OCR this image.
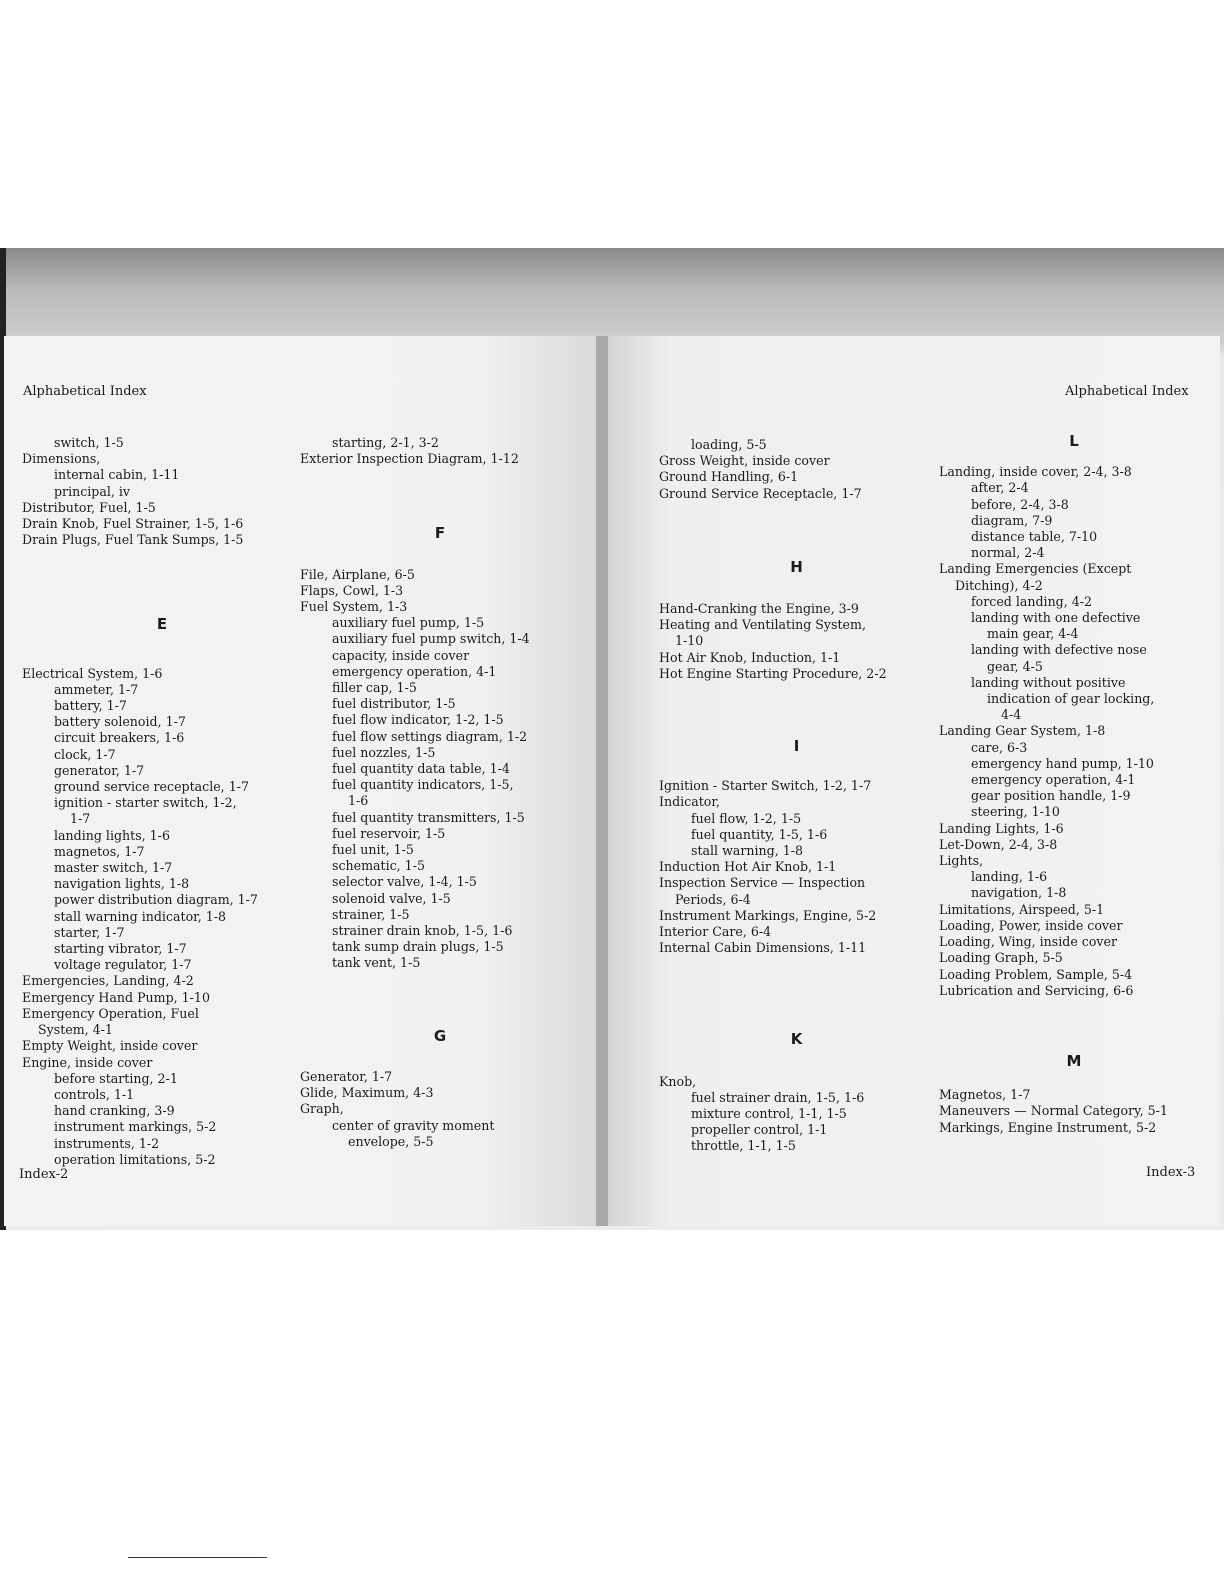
Alphabetical Index
switch, 1-5
Dimensions,
internal cabin, 1-11
principal, iv
Distributor, Fuel, 1-5
Drain Knob, Fuel Strainer, 1-5, 1-6
Drain Plugs, Fuel Tank Sumps, 1-5
E
Electrical System, 1-6
ammeter, 1-7
battery, 1-7
battery solenoid, 1-7
circuit breakers, 1-6
clock, 1-7
generator, 1-7
ground service receptacle, 1-7
ignition - starter switch, 1-2,
1-7
landing lights, 1-6
magnetos, 1-7
master switch, 1-7
navigation lights, 1-8
power distribution diagram, 1-7
stall warning indicator, 1-8
starter, 1-7
starting vibrator, 1-7
voltage regulator, 1-7
Emergencies, Landing, 4-2
Emergency Hand Pump, 1-10
Emergency Operation, Fuel
System, 4-1
Empty Weight, inside cover
Engine, inside cover
before starting, 2-1
controls, 1-1
hand cranking, 3-9
instrument markings, 5-2
instruments, 1-2
operation limitations, 5-2
starting, 2-1, 3-2
Exterior Inspection Diagram, 1-12
F
File, Airplane, 6-5
Flaps, Cowl, 1-3
Fuel System, 1-3
auxiliary fuel pump, 1-5
auxiliary fuel pump switch, 1-4
capacity, inside cover
emergency operation, 4-1
filler cap, 1-5
fuel distributor, 1-5
fuel flow indicator, 1-2, 1-5
fuel flow settings diagram, 1-2
fuel nozzles, 1-5
fuel quantity data table, 1-4
fuel quantity indicators, 1-5,
1-6
fuel quantity transmitters, 1-5
fuel reservoir, 1-5
fuel unit, 1-5
schematic, 1-5
selector valve, 1-4, 1-5
solenoid valve, 1-5
strainer, 1-5
strainer drain knob, 1-5, 1-6
tank sump drain plugs, 1-5
tank vent, 1-5
G
Generator, 1-7
Glide, Maximum, 4-3
Graph,
center of gravity moment
envelope, 5-5
Index-2
Alphabetical Index
loading, 5-5
Gross Weight, inside cover
Ground Handling, 6-1
Ground Service Receptacle, 1-7
H
Hand-Cranking the Engine, 3-9
Heating and Ventilating System,
1-10
Hot Air Knob, Induction, 1-1
Hot Engine Starting Procedure, 2-2
I
Ignition - Starter Switch, 1-2, 1-7
Indicator,
fuel flow, 1-2, 1-5
fuel quantity, 1-5, 1-6
stall warning, 1-8
Induction Hot Air Knob, 1-1
Inspection Service — Inspection
Periods, 6-4
Instrument Markings, Engine, 5-2
Interior Care, 6-4
Internal Cabin Dimensions, 1-11
K
Knob,
fuel strainer drain, 1-5, 1-6
mixture control, 1-1, 1-5
propeller control, 1-1
throttle, 1-1, 1-5
L
Landing, inside cover, 2-4, 3-8
after, 2-4
before, 2-4, 3-8
diagram, 7-9
distance table, 7-10
normal, 2-4
Landing Emergencies (Except
Ditching), 4-2
forced landing, 4-2
landing with one defective
main gear, 4-4
landing with defective nose
gear, 4-5
landing without positive
indication of gear locking,
4-4
Landing Gear System, 1-8
care, 6-3
emergency hand pump, 1-10
emergency operation, 4-1
gear position handle, 1-9
steering, 1-10
Landing Lights, 1-6
Let-Down, 2-4, 3-8
Lights,
landing, 1-6
navigation, 1-8
Limitations, Airspeed, 5-1
Loading, Power, inside cover
Loading, Wing, inside cover
Loading Graph, 5-5
Loading Problem, Sample, 5-4
Lubrication and Servicing, 6-6
M
Magnetos, 1-7
Maneuvers — Normal Category, 5-1
Markings, Engine Instrument, 5-2
Index-3
